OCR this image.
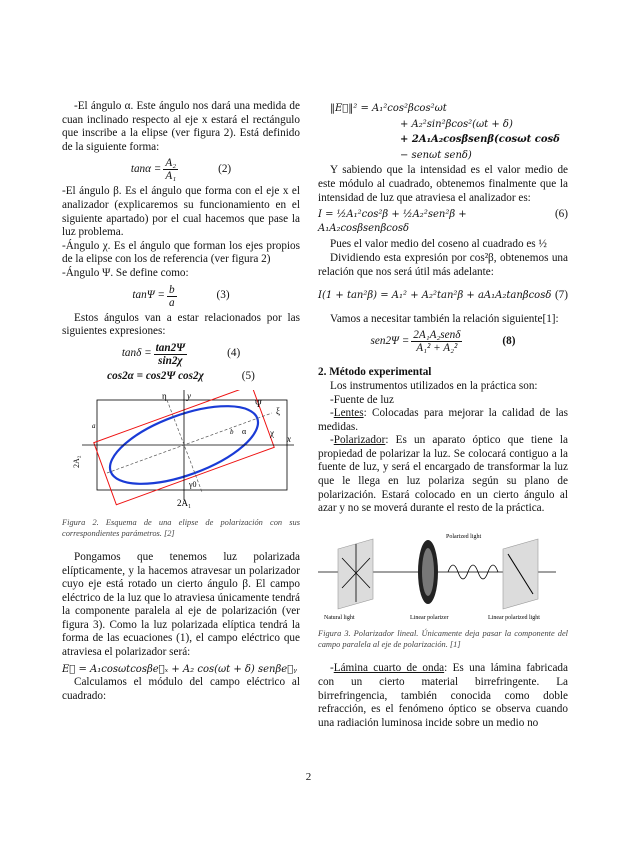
-El ángulo α. Este ángulo nos dará una medida de cuan inclinado respecto al eje x estará el rectángulo que inscribe a la elipse (ver figura 2). Está definido de la siguiente forma:

$\tan\alpha = \frac{\text{A₂}}{\text{A₁}}$	(2)

-El ángulo β. Es el ángulo que forma con el eje x el analizador (explicaremos su funcionamiento en el siguiente apartado) por el cual hacemos que pase la luz problema.

-Ángulo χ. Es el ángulo que forman los ejes propios de la elipse con los de referencia (ver figura 2)

-Ángulo Ψ. Se define como:

$\tan\Psi = \frac{b}{a}$	(3)

Estos ángulos van a estar relacionados por las siguientes expresiones:

$\tan\delta = \frac{\tan 2\Psi}{\sin 2\chi}$	(4)
cos2α = cos2Ψ cos2χ	(5)
η y
Ψ
ξ
χ
α
x
γ0
2A₁
2A₂
a
b

Figura 2. Esquema de una elipse de polarización con sus correspondientes parámetros. [2]

Pongamos que tenemos luz polarizada elípticamente, y la hacemos atravesar un polarizador cuyo eje está rotado un cierto ángulo β. El campo eléctrico de la luz que lo atraviesa únicamente tendrá la componente paralela al eje de polarización (ver figura 3). Como la luz polarizada elíptica tendrá la forma de las ecuaciones (1), el campo eléctrico que atraviesa el polarizador será:

E⃗ = A₁cosωtcosβe⃗ₓ + A₂ cos(ωt + δ) senβe⃗ᵧ

Calculamos el módulo del campo eléctrico al cuadrado:

‖E⃗‖² = A₁²cos²βcos²ωt

+ A₂²sin²βcos²(ωt + δ)

+ 2A₁A₂cosβsenβ(cosωt cosδ

− senωt senδ)

Y sabiendo que la intensidad es el valor medio de este módulo al cuadrado, obtenemos finalmente que la intensidad de luz que atraviesa el analizador es:

I = ½A₁²cos²β + ½A₂²sen²β + A₁A₂cosβsenβcosδ
(6)

Pues el valor medio del coseno al cuadrado es ½

Dividiendo esta expresión por cos²β, obtenemos una relación que nos será útil más adelante:

I(1 + tan²β) = A₁² + A₂²tan²β + aA₁A₂tanβcosδ (7)

Vamos a necesitar también la relación siguiente[1]:

$sen2\Psi = \frac{\text{2A₁A₂senδ}}{\text{A₁² + A₂²}}$	(8)

2. Método experimental

Los instrumentos utilizados en la práctica son:

-Fuente de luz

-Lentes: Colocadas para mejorar la calidad de las medidas.

-Polarizador: Es un aparato óptico que tiene la propiedad de polarizar la luz. Se colocará contiguo a la fuente de luz, y será el encargado de transformar la luz que le llega en luz polariza según su plano de polarización. Estará colocado en un cierto ángulo al azar y no se moverá durante el resto de la práctica.

Natural light	Linear polarizer
Polarized light
Linear polarized light

Figura 3. Polarizador lineal. Únicamente deja pasar la componente del campo paralela al eje de polarización. [1]

-Lámina cuarto de onda: Es una lámina fabricada con un cierto material birrefringente. La birrefringencia, también conocida como doble refracción, es el fenómeno óptico se observa cuando una radiación luminosa incide sobre un medio no

2
